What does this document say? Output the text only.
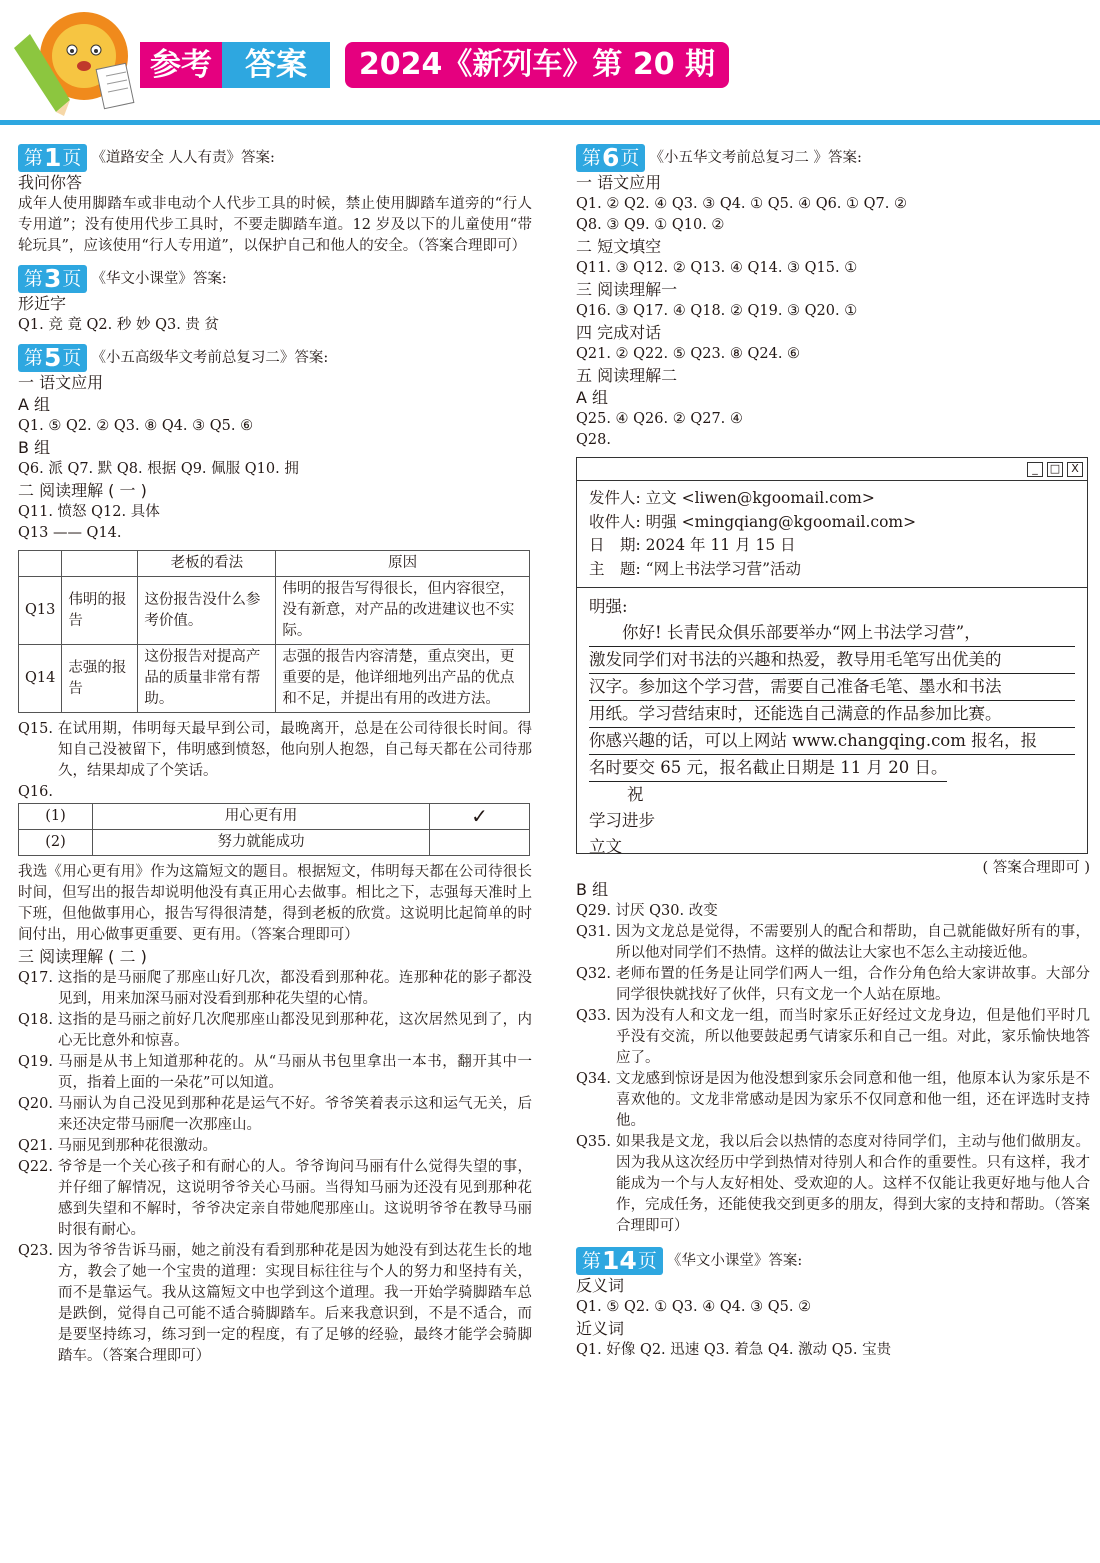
参考	答案	2024《新列车》第 20 期
第 1 页 《道路安全 人人有责》答案:
我问你答
成年人使用脚踏车或非电动个人代步工具的时候，禁止使用脚踏车道旁的“行人专用道”；没有使用代步工具时，不要走脚踏车道。12 岁及以下的儿童使用“带轮玩具”，应该使用“行人专用道”，以保护自己和他人的安全。（答案合理即可）
第 3 页 《华文小课堂》答案:
形近字
Q1. 竞 竟 Q2. 秒 妙 Q3. 贵 贫
第 5 页 《小五高级华文考前总复习二》答案:
一 语文应用
A 组
Q1. ⑤ Q2. ② Q3. ⑧ Q4. ③ Q5. ⑥
B 组
Q6. 派 Q7. 默 Q8. 根据 Q9. 佩服 Q10. 拥
二 阅读理解 ( 一 )
Q11. 愤怒 Q12. 具体
Q13 —— Q14.
		老板的看法	原因
Q13	伟明的报告	这份报告没什么参考价值。	伟明的报告写得很长，但内容很空，没有新意，对产品的改进建议也不实际。
Q14	志强的报告	这份报告对提高产品的质量非常有帮助。	志强的报告内容清楚，重点突出，更重要的是，他详细地列出产品的优点和不足，并提出有用的改进方法。
Q15. 在试用期，伟明每天最早到公司，最晚离开，总是在公司待很长时间。得知自己没被留下，伟明感到愤怒，他向别人抱怨，自己每天都在公司待那久，结果却成了个笑话。
Q16.
(1)	用心更有用	✓
(2)	努力就能成功	
我选《用心更有用》作为这篇短文的题目。根据短文，伟明每天都在公司待很长时间，但写出的报告却说明他没有真正用心去做事。相比之下，志强每天准时上下班，但他做事用心，报告写得很清楚，得到老板的欣赏。这说明比起简单的时间付出，用心做事更重要、更有用。（答案合理即可）
三 阅读理解 ( 二 )
Q17. 这指的是马丽爬了那座山好几次，都没看到那种花。连那种花的影子都没见到，用来加深马丽对没看到那种花失望的心情。
Q18. 这指的是马丽之前好几次爬那座山都没见到那种花，这次居然见到了，内心无比意外和惊喜。
Q19. 马丽是从书上知道那种花的。从“马丽从书包里拿出一本书，翻开其中一页，指着上面的一朵花”可以知道。
Q20. 马丽认为自己没见到那种花是运气不好。爷爷笑着表示这和运气无关，后来还决定带马丽爬一次那座山。
Q21. 马丽见到那种花很激动。
Q22. 爷爷是一个关心孩子和有耐心的人。爷爷询问马丽有什么觉得失望的事，并仔细了解情况，这说明爷爷关心马丽。当得知马丽为还没有见到那种花感到失望和不解时，爷爷决定亲自带她爬那座山。这说明爷爷在教导马丽时很有耐心。
Q23. 因为爷爷告诉马丽，她之前没有看到那种花是因为她没有到达花生长的地方，教会了她一个宝贵的道理：实现目标往往与个人的努力和坚持有关，而不是靠运气。我从这篇短文中也学到这个道理。我一开始学骑脚踏车总是跌倒，觉得自己可能不适合骑脚踏车。后来我意识到，不是不适合，而是要坚持练习，练习到一定的程度，有了足够的经验，最终才能学会骑脚踏车。（答案合理即可）
第 6 页 《小五华文考前总复习二 》答案:
一 语文应用
Q1. ② Q2. ④ Q3. ③ Q4. ① Q5. ④ Q6. ① Q7. ②
Q8. ③ Q9. ① Q10. ②
二 短文填空
Q11. ③ Q12. ② Q13. ④ Q14. ③ Q15. ①
三 阅读理解一
Q16. ③ Q17. ④ Q18. ② Q19. ③ Q20. ①
四 完成对话
Q21. ② Q22. ⑤ Q23. ⑧ Q24. ⑥
五 阅读理解二
A 组
Q25. ④ Q26. ② Q27. ④
Q28.
_	□	X
发件人: 立文 <liwen@kgoomail.com>
收件人: 明强 <mingqiang@kgoomail.com>
日　期: 2024 年 11 月 15 日
主　题: “网上书法学习营”活动
明强:
　　你好! 长青民众俱乐部要举办“网上书法学习营”，
激发同学们对书法的兴趣和热爱，教导用毛笔写出优美的
汉字。参加这个学习营，需要自己准备毛笔、墨水和书法
用纸。学习营结束时，还能选自己满意的作品参加比赛。
你感兴趣的话，可以上网站 www.changqing.com 报名，报
名时要交 65 元，报名截止日期是 11 月 20 日。
祝
学习进步
立文
( 答案合理即可 )
B 组
Q29. 讨厌 Q30. 改变
Q31. 因为文龙总是觉得，不需要别人的配合和帮助，自己就能做好所有的事，所以他对同学们不热情。这样的做法让大家也不怎么主动接近他。
Q32. 老师布置的任务是让同学们两人一组，合作分角色给大家讲故事。大部分同学很快就找好了伙伴，只有文龙一个人站在原地。
Q33. 因为没有人和文龙一组，而当时家乐正好经过文龙身边，但是他们平时几乎没有交流，所以他要鼓起勇气请家乐和自己一组。对此，家乐愉快地答应了。
Q34. 文龙感到惊讶是因为他没想到家乐会同意和他一组，他原本认为家乐是不喜欢他的。文龙非常感动是因为家乐不仅同意和他一组，还在评选时支持他。
Q35. 如果我是文龙，我以后会以热情的态度对待同学们，主动与他们做朋友。因为我从这次经历中学到热情对待别人和合作的重要性。只有这样，我才能成为一个与人友好相处、受欢迎的人。这样不仅能让我更好地与他人合作，完成任务，还能使我交到更多的朋友，得到大家的支持和帮助。（答案合理即可）
第 14 页 《华文小课堂》答案:
反义词
Q1. ⑤ Q2. ① Q3. ④ Q4. ③ Q5. ②
近义词
Q1. 好像 Q2. 迅速 Q3. 着急 Q4. 激动 Q5. 宝贵
